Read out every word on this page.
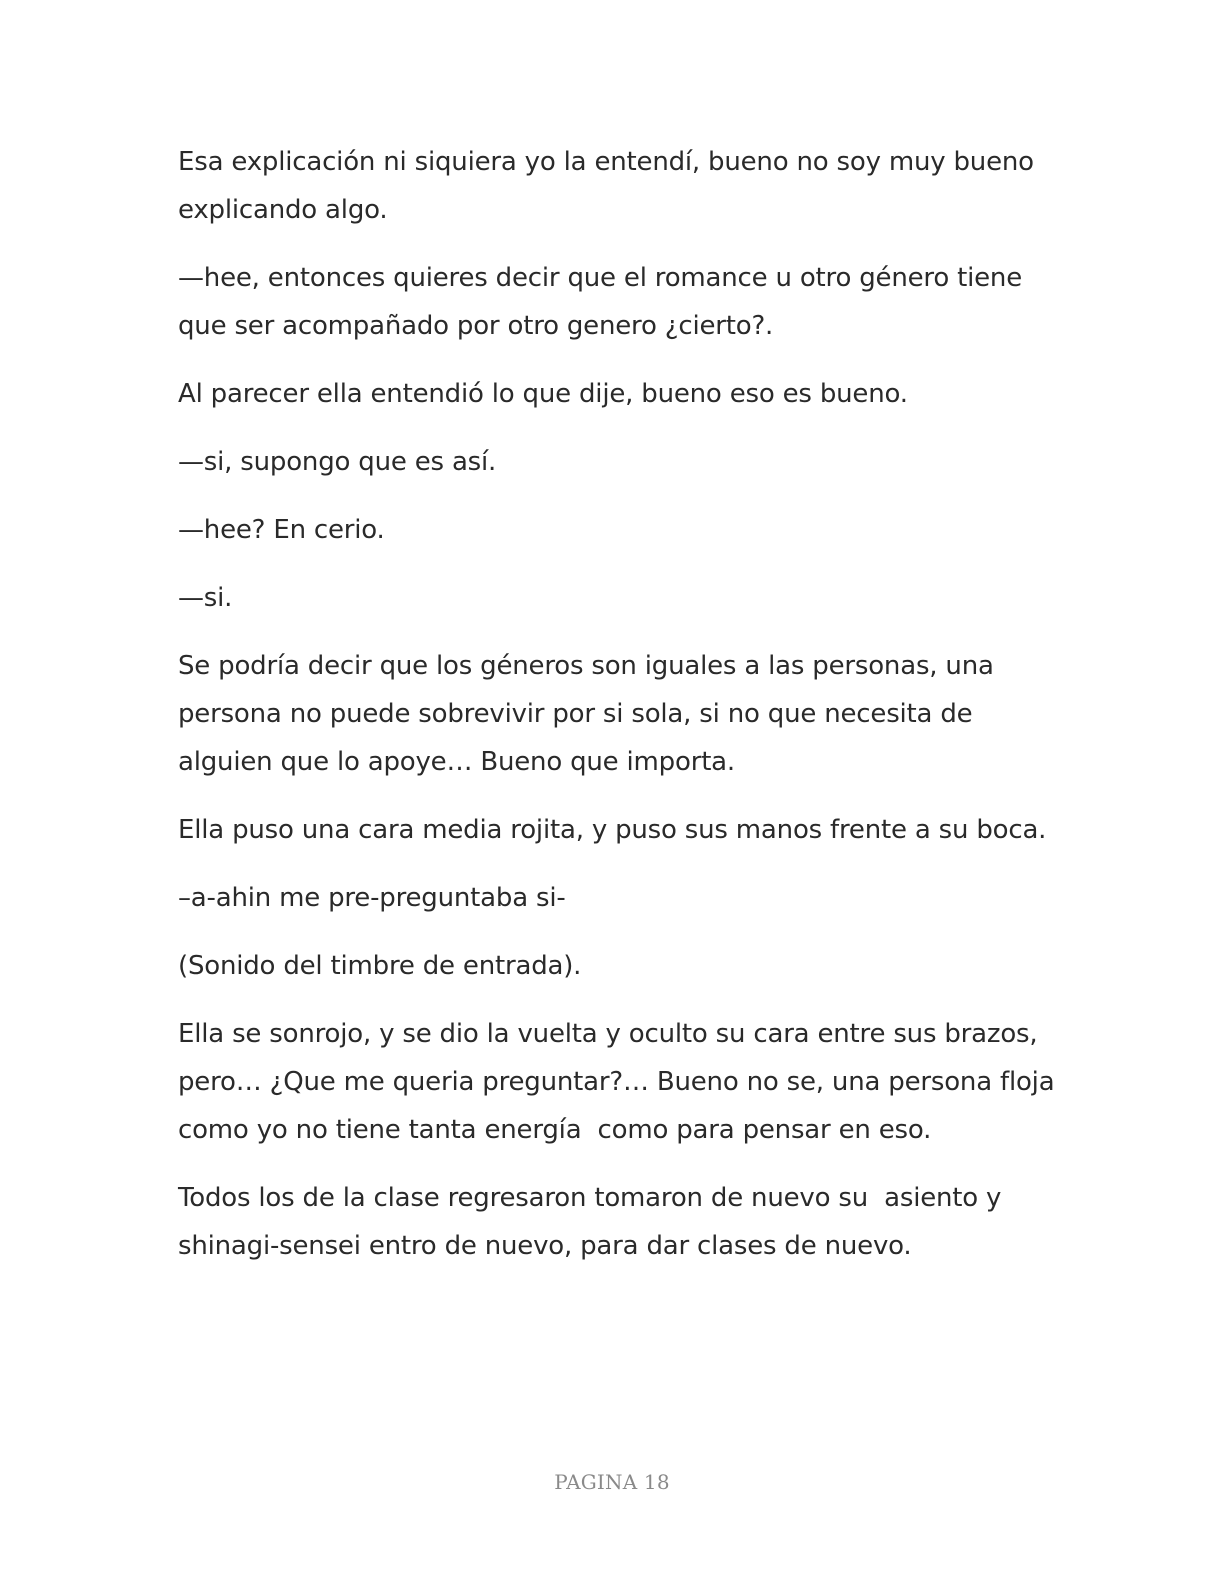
Esa explicación ni siquiera yo la entendí, bueno no soy muy bueno explicando algo.

—hee, entonces quieres decir que el romance u otro género tiene que ser acompañado por otro genero ¿cierto?.

Al parecer ella entendió lo que dije, bueno eso es bueno.

—si, supongo que es así.

—hee? En cerio.

—si.

Se podría decir que los géneros son iguales a las personas, una persona no puede sobrevivir por si sola, si no que necesita de alguien que lo apoye… Bueno que importa.

Ella puso una cara media rojita, y puso sus manos frente a su boca.

–a-ahin me pre-preguntaba si-

(Sonido del timbre de entrada).

Ella se sonrojo, y se dio la vuelta y oculto su cara entre sus brazos, pero… ¿Que me queria preguntar?… Bueno no se, una persona floja como yo no tiene tanta energía  como para pensar en eso.

Todos los de la clase regresaron tomaron de nuevo su  asiento y shinagi-sensei entro de nuevo, para dar clases de nuevo.

PAGINA 18
